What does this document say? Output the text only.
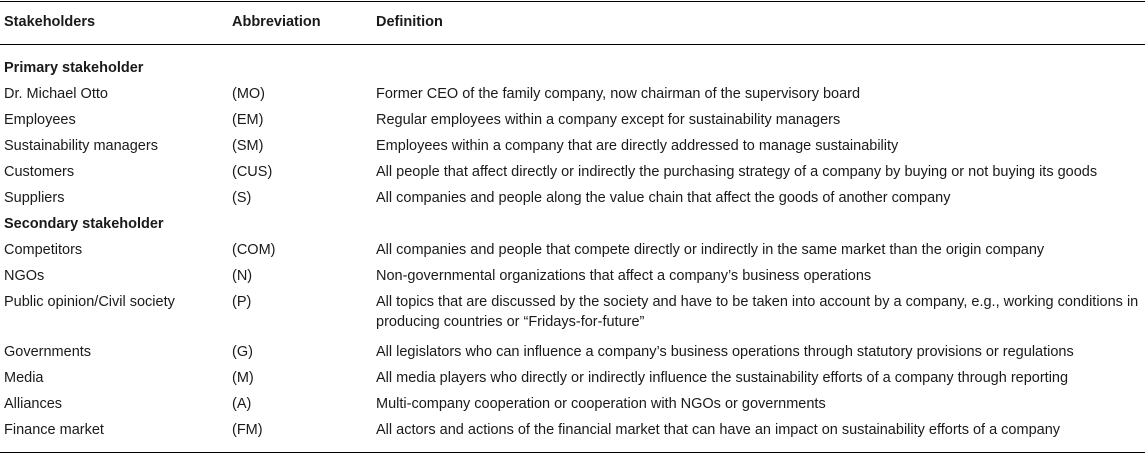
Stakeholders	Abbreviation	Definition
Primary stakeholder
Dr. Michael Otto	(MO)	Former CEO of the family company, now chairman of the supervisory board
Employees	(EM)	Regular employees within a company except for sustainability managers
Sustainability managers	(SM)	Employees within a company that are directly addressed to manage sustainability
Customers	(CUS)	All people that affect directly or indirectly the purchasing strategy of a company by buying or not buying its goods
Suppliers	(S)	All companies and people along the value chain that affect the goods of another company
Secondary stakeholder
Competitors	(COM)	All companies and people that compete directly or indirectly in the same market than the origin company
NGOs	(N)	Non-governmental organizations that affect a company’s business operations
Public opinion/Civil society	(P)	All topics that are discussed by the society and have to be taken into account by a company, e.g., working conditions in producing countries or “Fridays-for-future”
Governments	(G)	All legislators who can influence a company’s business operations through statutory provisions or regulations
Media	(M)	All media players who directly or indirectly influence the sustainability efforts of a company through reporting
Alliances	(A)	Multi-company cooperation or cooperation with NGOs or governments
Finance market	(FM)	All actors and actions of the financial market that can have an impact on sustainability efforts of a company
